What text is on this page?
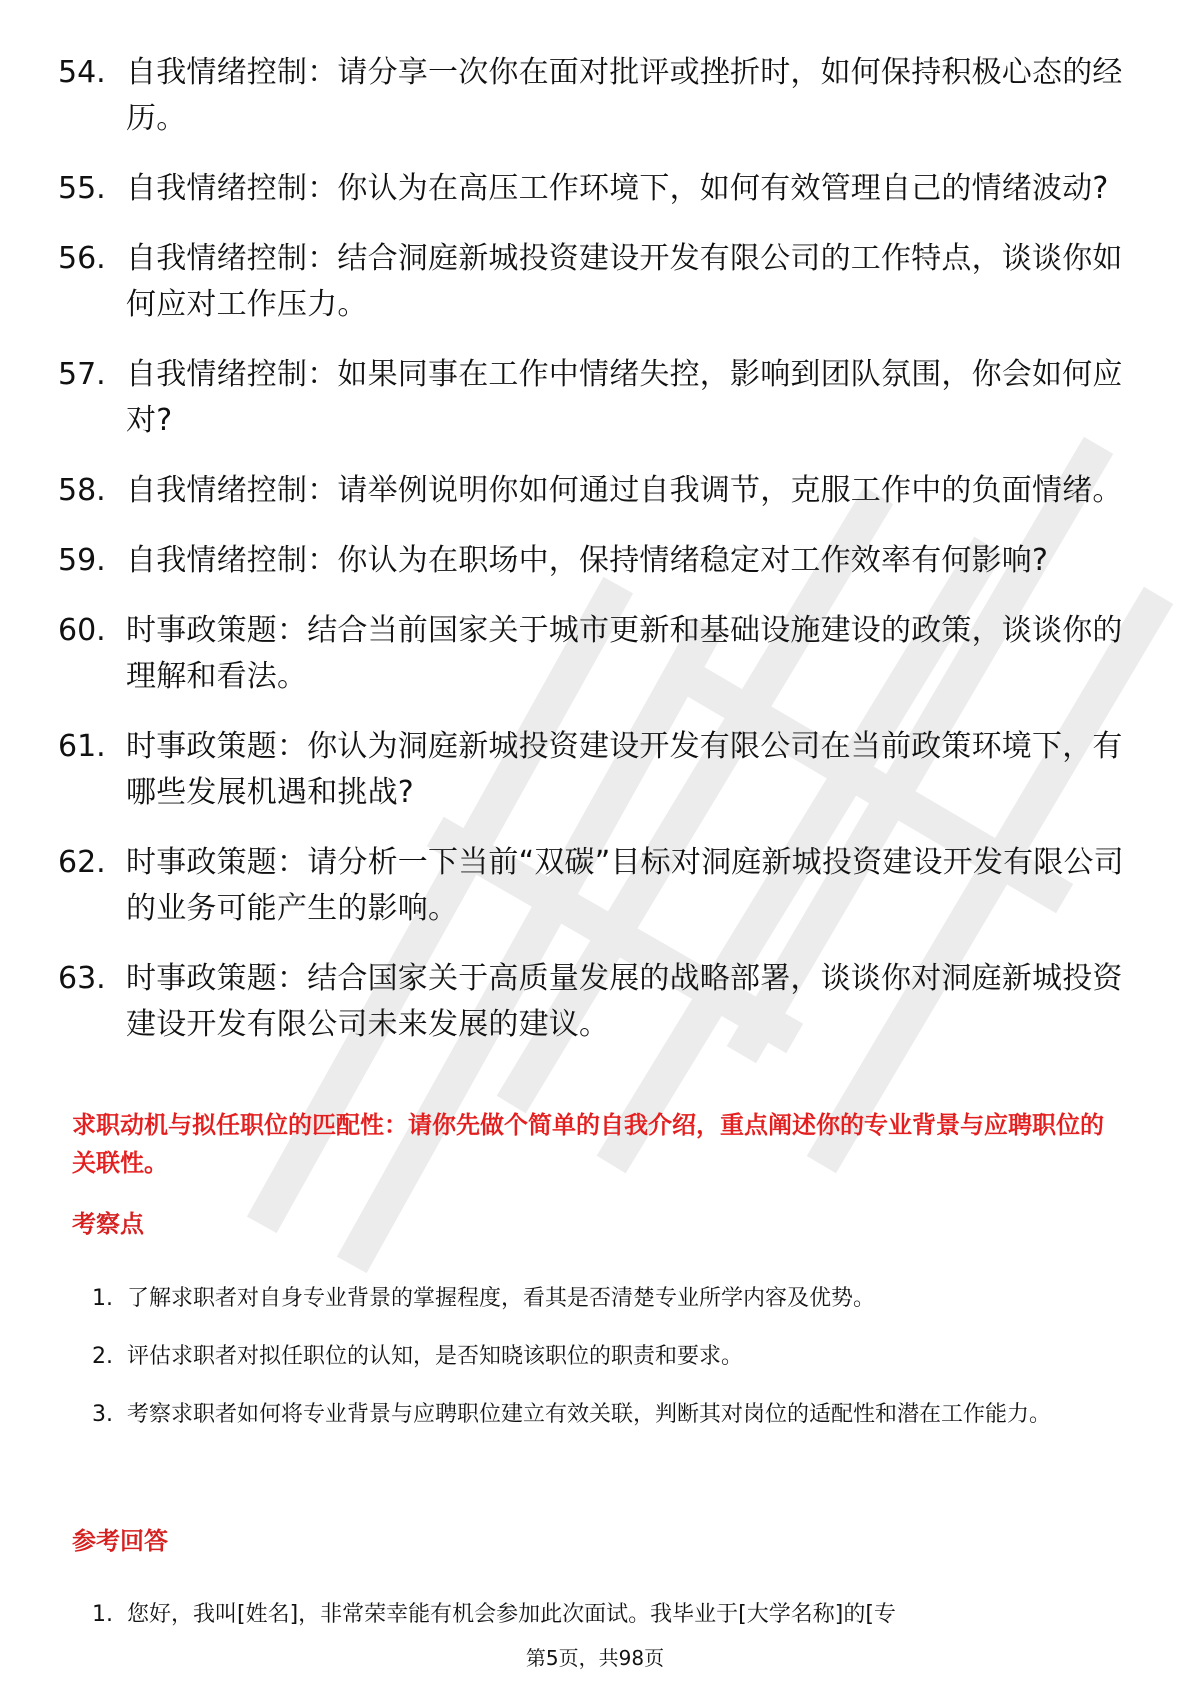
54. 自我情绪控制：请分享一次你在面对批评或挫折时，如何保持积极心态的经历。
55. 自我情绪控制：你认为在高压工作环境下，如何有效管理自己的情绪波动?
56. 自我情绪控制：结合洞庭新城投资建设开发有限公司的工作特点，谈谈你如何应对工作压力。
57. 自我情绪控制：如果同事在工作中情绪失控，影响到团队氛围，你会如何应对?
58. 自我情绪控制：请举例说明你如何通过自我调节，克服工作中的负面情绪。
59. 自我情绪控制：你认为在职场中，保持情绪稳定对工作效率有何影响?
60. 时事政策题：结合当前国家关于城市更新和基础设施建设的政策，谈谈你的理解和看法。
61. 时事政策题：你认为洞庭新城投资建设开发有限公司在当前政策环境下，有哪些发展机遇和挑战?
62. 时事政策题：请分析一下当前“双碳”目标对洞庭新城投资建设开发有限公司的业务可能产生的影响。
63. 时事政策题：结合国家关于高质量发展的战略部署，谈谈你对洞庭新城投资建设开发有限公司未来发展的建议。
求职动机与拟任职位的匹配性：请你先做个简单的自我介绍，重点阐述你的专业背景与应聘职位的关联性。
考察点
1. 了解求职者对自身专业背景的掌握程度，看其是否清楚专业所学内容及优势。
2. 评估求职者对拟任职位的认知，是否知晓该职位的职责和要求。
3. 考察求职者如何将专业背景与应聘职位建立有效关联，判断其对岗位的适配性和潜在工作能力。
参考回答
1. 您好，我叫[姓名]，非常荣幸能有机会参加此次面试。我毕业于[大学名称]的[专
第5页，共98页
